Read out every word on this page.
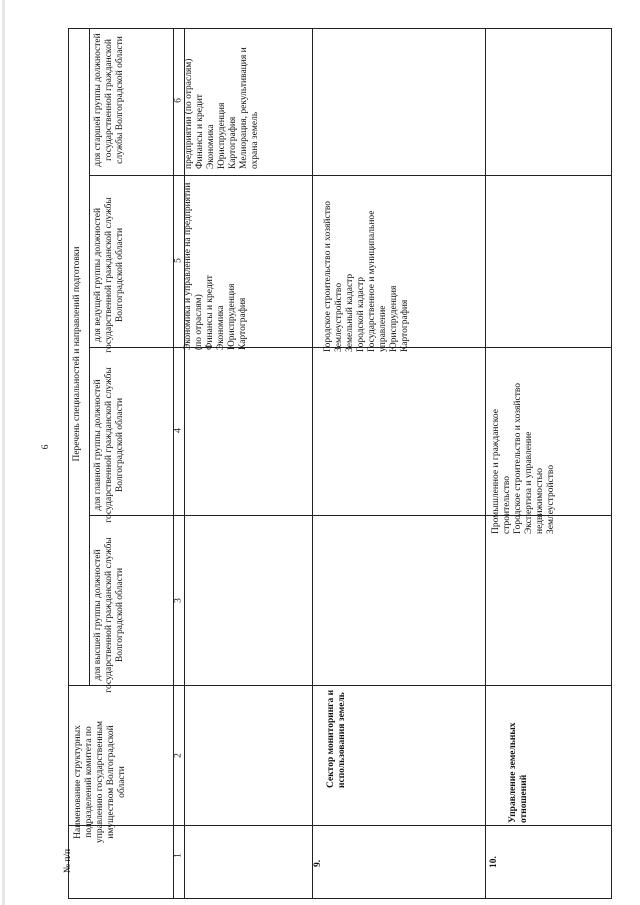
6
№ п/п
Наименование структурных подразделений комитета по управлению государственным имуществом Волгоградской области
Перечень специальностей и направлений подготовки
для высшей группы должностей государственной гражданской службы Волгоградской области
для главной группы должностей государственной гражданской службы Волгоградской области
для ведущей группы должностей государственной гражданской службы Волгоградской области
для старшей группы должностей государственной гражданской службы Волгоградской области
1
2
3
4
5
6
Экономика и управление на предприятии (по отраслям)
Финансы и кредит
Экономика
Юриспруденция
Картография
предприятии (по отраслям)
Финансы и кредит
Экономика
Юриспруденция
Картография
Мелиорация, рекультивация и охрана земель
9.
Сектор мониторинга и использования земель
Городское строительство и хозяйство
Землеустройство
Земельный кадастр
Городской кадастр
Государственное и муниципальное управление
Юриспруденция
Картография
10.
Управление земельных отношений
Промышленное и гражданское строительство
Городское строительство и хозяйство
Экспертиза и управление недвижимостью
Землеустройство
